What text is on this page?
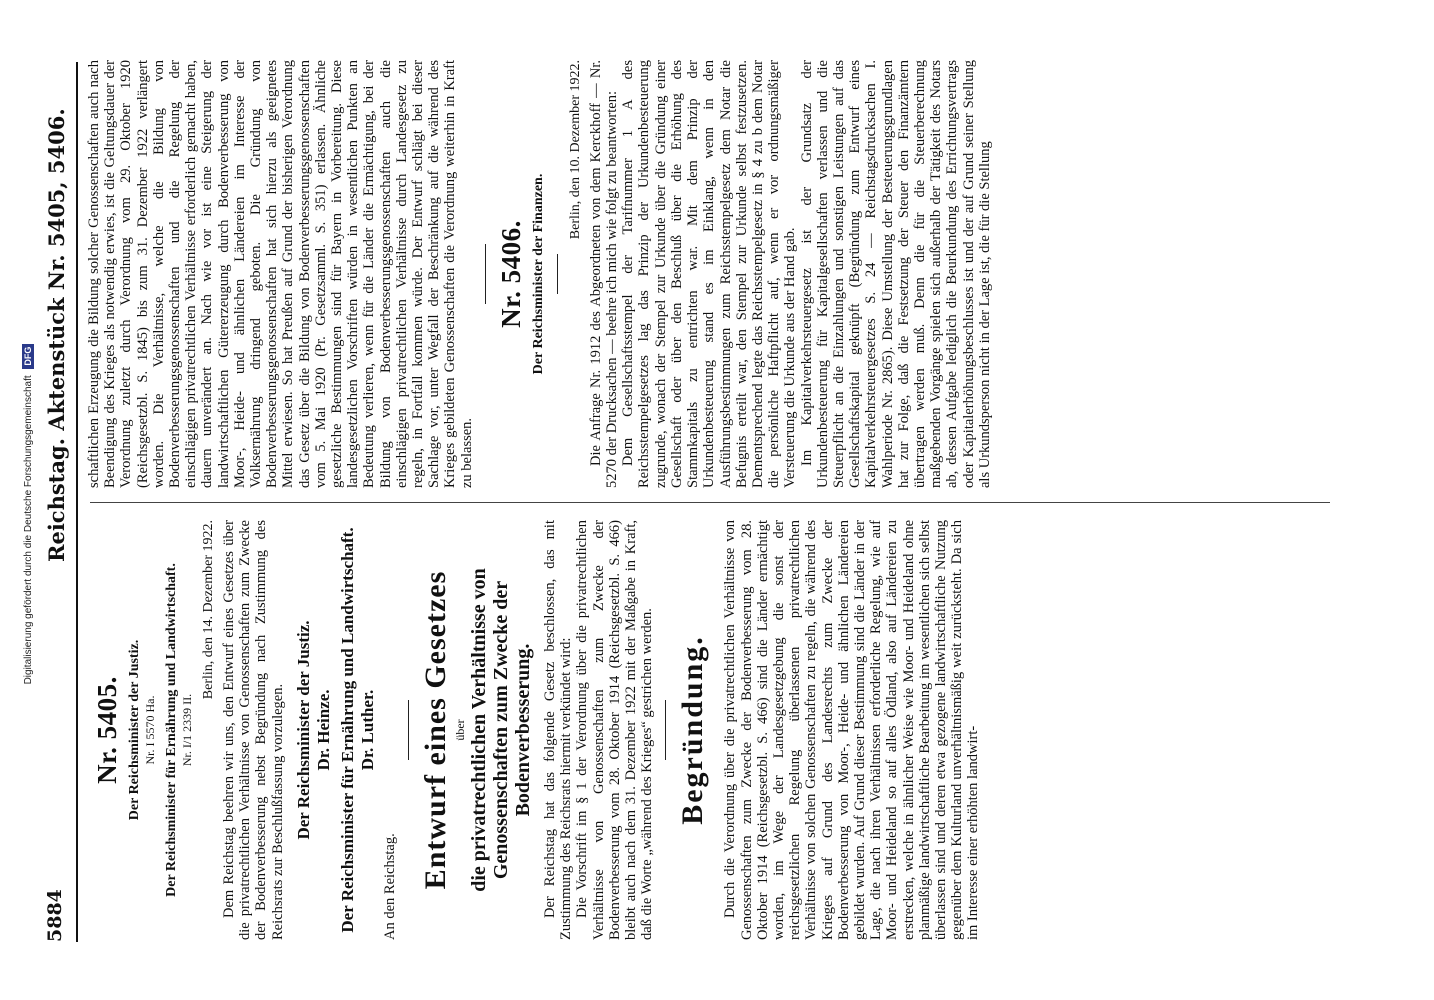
5884
Reichstag. Aktenstück Nr. 5405, 5406.
Nr. 5405. Der Reichsminister der Justiz. Nr. I 5570 Ha. Der Reichsminister für Ernährung und Landwirtschaft. Nr. I/1 2339 II.
Berlin, den 14. Dezember 1922. Dem Reichstag beehren wir uns, den Entwurf eines Gesetzes über die privatrechtlichen Verhältnisse von Genossenschaften zum Zwecke der Bodenverbesserung nebst Begründung nach Zustimmung des Reichsrats zur Beschlußfassung vorzulegen. Der Reichsminister der Justiz. Dr. Heinze. Der Reichsminister für Ernährung und Landwirtschaft. Dr. Luther.
An den Reichstag. Entwurf eines Gesetzes über die privatrechtlichen Verhältnisse von Genossenschaften zum Zwecke der Bodenverbesserung. Der Reichstag hat das folgende Gesetz beschlossen, das mit Zustimmung des Reichsrats hiermit verkündet wird: Die Vorschrift im § 1 der Verordnung über die privatrechtlichen Verhältnisse von Genossenschaften zum Zwecke der Bodenverbesserung vom 28. Oktober 1914 (Reichsgesetzbl. S. 466) bleibt auch nach dem 31. Dezember 1922 mit der Maßgabe in Kraft, daß die Worte „während des Krieges“ gestrichen werden. Begründung. Durch die Verordnung über die privatrechtlichen Verhältnisse von Genossenschaften zum Zwecke der Bodenverbesserung vom 28. Oktober 1914 (Reichsgesetzbl. S. 466) sind die Länder ermächtigt worden, im Wege der Landesgesetzgebung die sonst der reichsgesetzlichen Regelung überlassenen privatrechtlichen Verhältnisse von solchen Genossenschaften zu regeln, die während des Krieges auf Grund des Landesrechts zum Zwecke der Bodenverbesserung von Moor-, Heide- und ähnlichen Ländereien gebildet wurden. Auf Grund dieser Bestimmung sind die Länder in der Lage, die nach ihren Verhältnissen erforderliche Regelung, wie auf Moor- und Heideland so auf alles Ödland, also auf Ländereien zu erstrecken, welche in ähnlicher Weise wie Moor- und Heideland ohne planmäßige landwirtschaftliche Bearbeitung im wesentlichen sich selbst überlassen sind und deren etwa gezogene landwirtschaftliche Nutzung gegenüber dem Kulturland unverhältnismäßig weit zurücksteht. Da sich im Interesse einer erhöhten landwirt-

schaftlichen Erzeugung die Bildung solcher Genossenschaften auch nach Beendigung des Krieges als notwendig erwies, ist die Geltungsdauer der Verordnung zuletzt durch Verordnung vom 29. Oktober 1920 (Reichsgesetzbl. S. 1845) bis zum 31. Dezember 1922 verlängert worden. Die Verhältnisse, welche die Bildung von Bodenverbesserungsgenossenschaften und die Regelung der einschlägigen privatrechtlichen Verhältnisse erforderlich gemacht haben, dauern unverändert an. Nach wie vor ist eine Steigerung der landwirtschaftlichen Gütererzeugung durch Bodenverbesserung von Moor-, Heide- und ähnlichen Ländereien im Interesse der Volksernährung dringend geboten. Die Gründung von Bodenverbesserungsgenossenschaften hat sich hierzu als geeignetes Mittel erwiesen. So hat Preußen auf Grund der bisherigen Verordnung das Gesetz über die Bildung von Bodenverbesserungsgenossenschaften vom 5. Mai 1920 (Pr. Gesetzsamml. S. 351) erlassen. Ähnliche gesetzliche Bestimmungen sind für Bayern in Vorbereitung. Diese landesgesetzlichen Vorschriften würden in wesentlichen Punkten an Bedeutung verlieren, wenn für die Länder die Ermächtigung, bei der Bildung von Bodenverbesserungsgenossenschaften auch die einschlägigen privatrechtlichen Verhältnisse durch Landesgesetz zu regeln, in Fortfall kommen würde. Der Entwurf schlägt bei dieser Sachlage vor, unter Wegfall der Beschränkung auf die während des Krieges gebildeten Genossenschaften die Verordnung weiterhin in Kraft zu belassen.

Nr. 5406. Der Reichsminister der Finanzen.
Berlin, den 10. Dezember 1922. Die Anfrage Nr. 1912 des Abgeordneten von dem Kerckhoff — Nr. 5270 der Drucksachen — beehre ich mich wie folgt zu beantworten: Dem Gesellschaftsstempel der Tarifnummer 1 A des Reichsstempelgesetzes lag das Prinzip der Urkundenbesteuerung zugrunde, wonach der Stempel zur Urkunde über die Gründung einer Gesellschaft oder über den Beschluß über die Erhöhung des Stammkapitals zu entrichten war. Mit dem Prinzip der Urkundenbesteuerung stand es im Einklang, wenn in den Ausführungsbestimmungen zum Reichsstempelgesetz dem Notar die Befugnis erteilt war, den Stempel zur Urkunde selbst festzusetzen. Dementsprechend legte das Reichsstempelgesetz in § 4 zu b dem Notar die persönliche Haftpflicht auf, wenn er vor ordnungsmäßiger Versteuerung die Urkunde aus der Hand gab. Im Kapitalverkehrsteuergesetz ist der Grundsatz der Urkundenbesteuerung für Kapitalgesellschaften verlassen und die Steuerpflicht an die Einzahlungen und sonstigen Leistungen auf das Gesellschaftskapital geknüpft (Begründung zum Entwurf eines Kapitalverkehrsteuergesetzes S. 24 — Reichstagsdrucksachen I. Wahlperiode Nr. 2865). Diese Umstellung der Besteuerungsgrundlagen hat zur Folge, daß die Festsetzung der Steuer den Finanzämtern übertragen werden muß. Denn die für die Steuerberechnung maßgebenden Vorgänge spielen sich außerhalb der Tätigkeit des Notars ab, dessen Aufgabe lediglich die Beurkundung des Errichtungsvertrags oder Kapitalerhöhungsbeschlusses ist und der auf Grund seiner Stellung als Urkundsperson nicht in der Lage ist, die für die Stellung

Digitalisierung gefördert durch die Deutsche Forschungsgemeinschaft DFG
